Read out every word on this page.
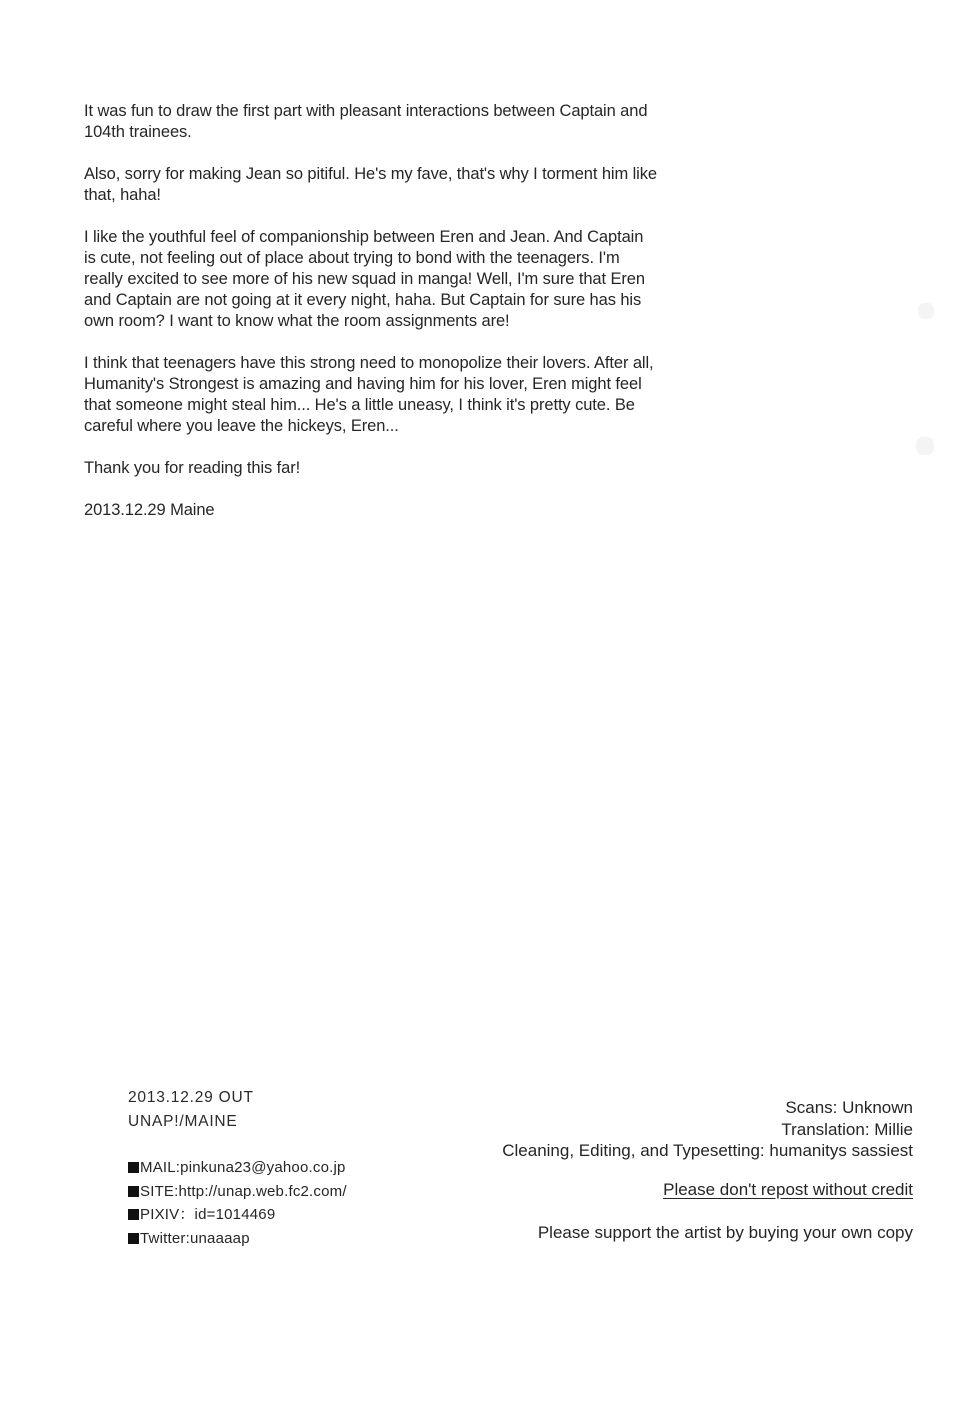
It was fun to draw the first part with pleasant interactions between Captain and
104th trainees.
Also, sorry for making Jean so pitiful. He's my fave, that's why I torment him like
that, haha!
I like the youthful feel of companionship between Eren and Jean. And Captain
is cute, not feeling out of place about trying to bond with the teenagers. I'm
really excited to see more of his new squad in manga! Well, I'm sure that Eren
and Captain are not going at it every night, haha. But Captain for sure has his
own room? I want to know what the room assignments are!
I think that teenagers have this strong need to monopolize their lovers. After all,
Humanity's Strongest is amazing and having him for his lover, Eren might feel
that someone might steal him... He's a little uneasy, I think it's pretty cute. Be
careful where you leave the hickeys, Eren...
Thank you for reading this far!
2013.12.29 Maine
2013.12.29 OUT
UNAP!/MAINE
MAIL:pinkuna23@yahoo.co.jp
SITE:http://unap.web.fc2.com/
PIXIV：id=1014469
Twitter:unaaaap
Scans: Unknown
Translation: Millie
Cleaning, Editing, and Typesetting: humanitys sassiest
Please don't repost without credit
Please support the artist by buying your own copy
